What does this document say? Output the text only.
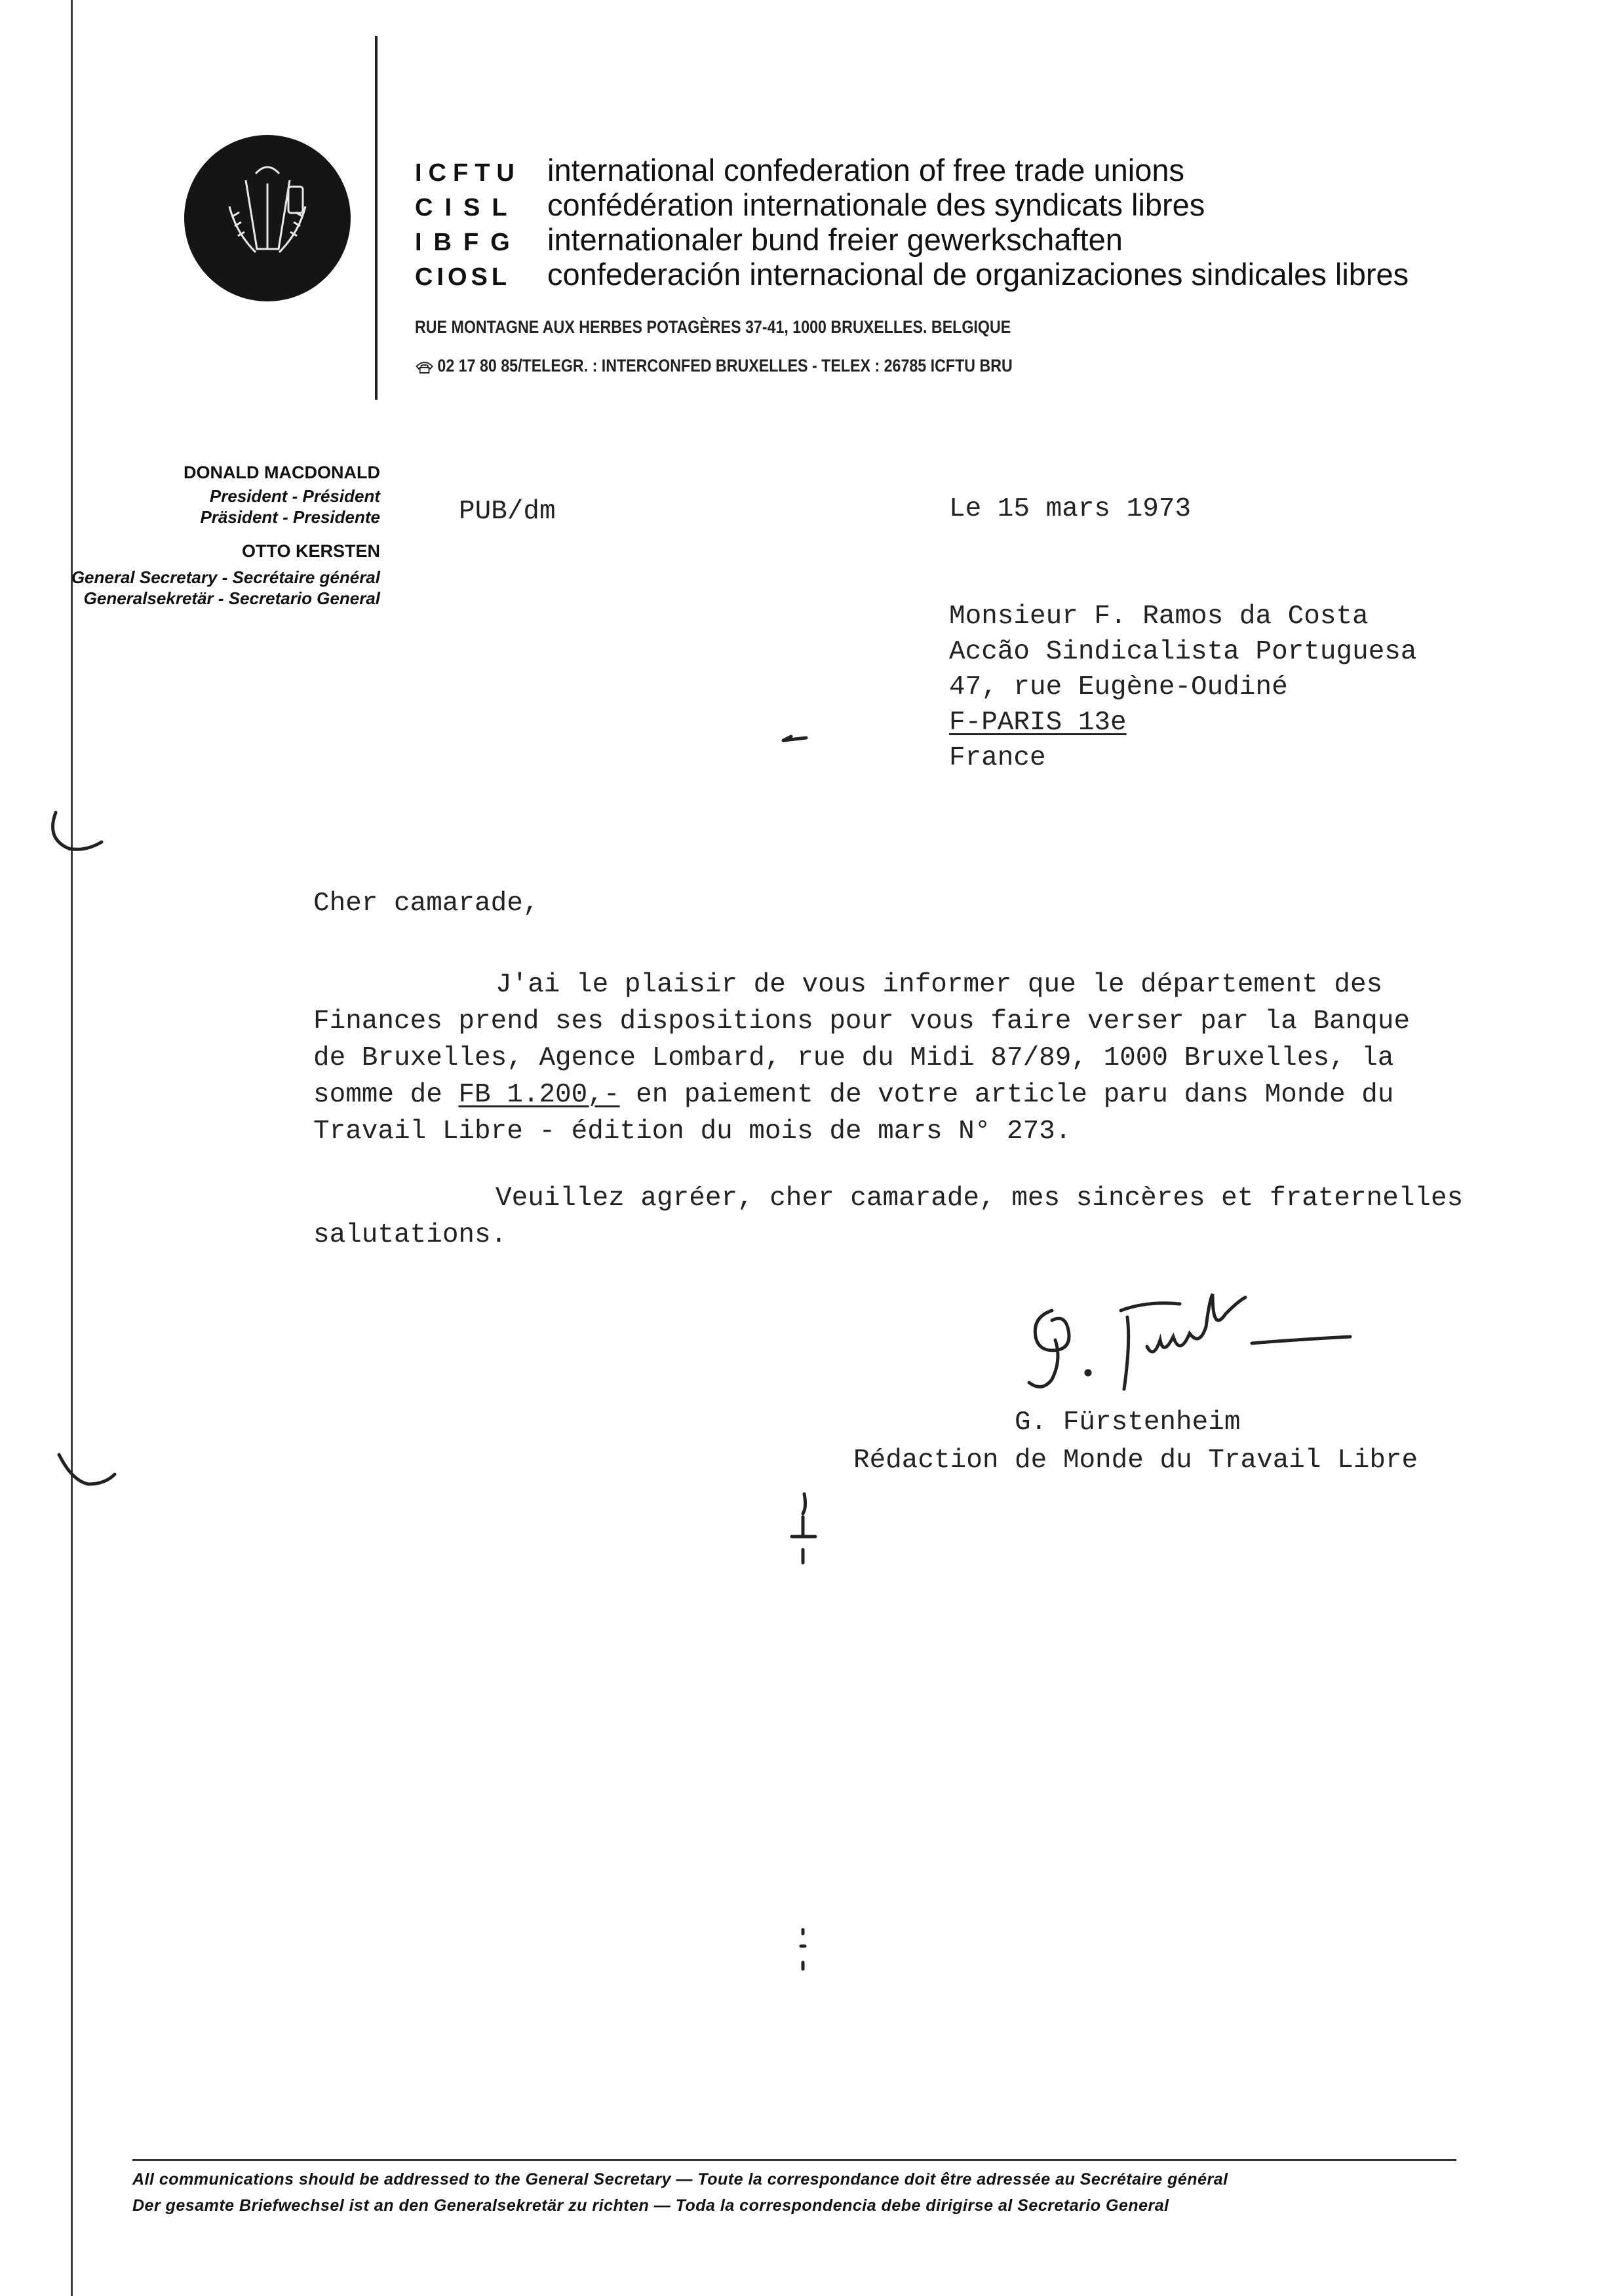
ICFTU international confederation of free trade unions
CISL confédération internationale des syndicats libres
IBFG internationaler bund freier gewerkschaften
CIOSL	confederación internacional de organizaciones sindicales libres
RUE MONTAGNE AUX HERBES POTAGÈRES 37-41, 1000 BRUXELLES. BELGIQUE
02 17 80 85/TELEGR. : INTERCONFED BRUXELLES - TELEX : 26785 ICFTU BRU
DONALD MACDONALD
President - Président
Präsident - Presidente
OTTO KERSTEN
General Secretary - Secrétaire général
Generalsekretär - Secretario General
PUB/dm	Le 15 mars 1973
Monsieur F. Ramos da Costa
Accão Sindicalista Portuguesa
47, rue Eugène-Oudiné
F-PARIS 13e
France
Cher camarade,
J'ai le plaisir de vous informer que le département des
Finances prend ses dispositions pour vous faire verser par la Banque
de Bruxelles, Agence Lombard, rue du Midi 87/89, 1000 Bruxelles, la
somme de FB 1.200,- en paiement de votre article paru dans Monde du
Travail Libre - édition du mois de mars N° 273.
Veuillez agréer, cher camarade, mes sincères et fraternelles
salutations.
G. Fürstenheim
Rédaction de Monde du Travail Libre
All communications should be addressed to the General Secretary — Toute la correspondance doit être adressée au Secrétaire général
Der gesamte Briefwechsel ist an den Generalsekretär zu richten — Toda la correspondencia debe dirigirse al Secretario General
